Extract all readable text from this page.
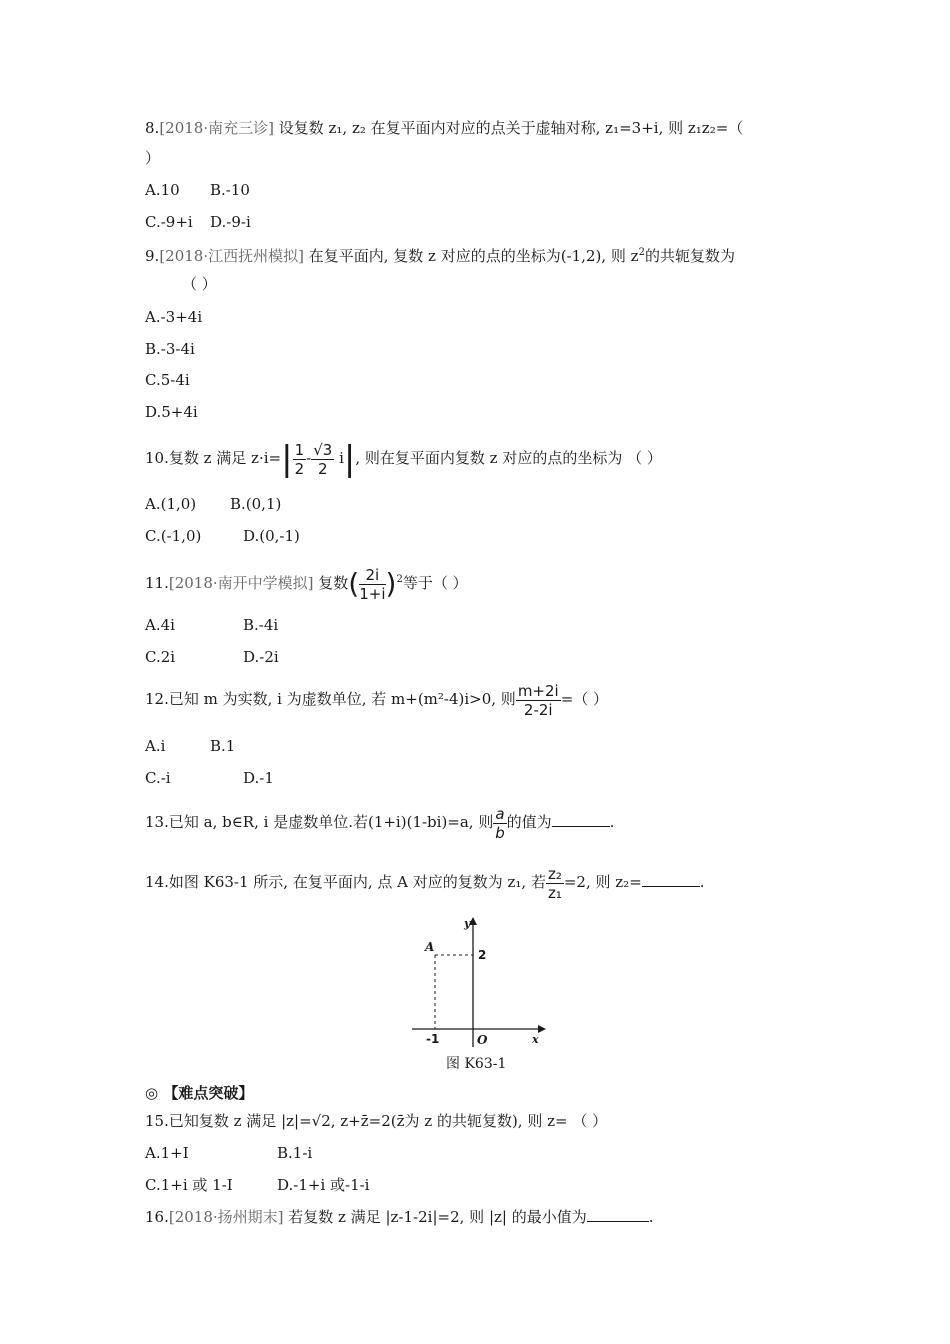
8.[2018·南充三诊] 设复数 z₁, z₂ 在复平面内对应的点关于虚轴对称, z₁=3+i, 则 z₁z₂=（
）
A.10 B.-10
C.-9+i D.-9-i
9.[2018·江西抚州模拟] 在复平面内, 复数 z 对应的点的坐标为(-1,2), 则 $z^2$的共轭复数为
（ ）
A.-3+4i
B.-3-4i
C.5-4i
D.5+4i
10.复数 z 满足 $z\cdot i=| \frac{1}{2} - \frac{√3}{2} i|$, 则在复平面内复数 z 对应的点的坐标为 （ ）
A.(1,0) B.(0,1)
C.(-1,0)	D.(0,-1)
11.[2018·南开中学模拟] 复数( $\frac{2i}{1+i} )^2$等于（ ）
A.4i	B.-4i
C.2i	D.-2i
12.已知 m 为实数, i 为虚数单位, 若 m+(m²-4)i>0, 则 $\frac{m+2i}{2-2i}$ =（ ）
A.i	B.1
C.-i	D.-1
13.已知 a, b∈R, i 是虚数单位.若(1+i)(1-bi)=a, 则 $\frac{a}{b}$ 的值为	.
14.如图 K63-1 所示, 在复平面内, 点 A 对应的复数为 z₁, 若 $\frac{\text{z₂}}{\text{z₁}} =2$, 则 z₂=	.
A
y
x
2
-1	O
图 K63-1
◎ 【难点突破】
15.已知复数 z 满足 |z|=√2, z+z̄=2(z̄为 z 的共轭复数), 则 z= （ ）
A.1+I	B.1-i
C.1+i 或 1-I	D.-1+i 或-1-i
16.[2018·扬州期末] 若复数 z 满足 |z-1-2i|=2, 则 |z| 的最小值为	.
